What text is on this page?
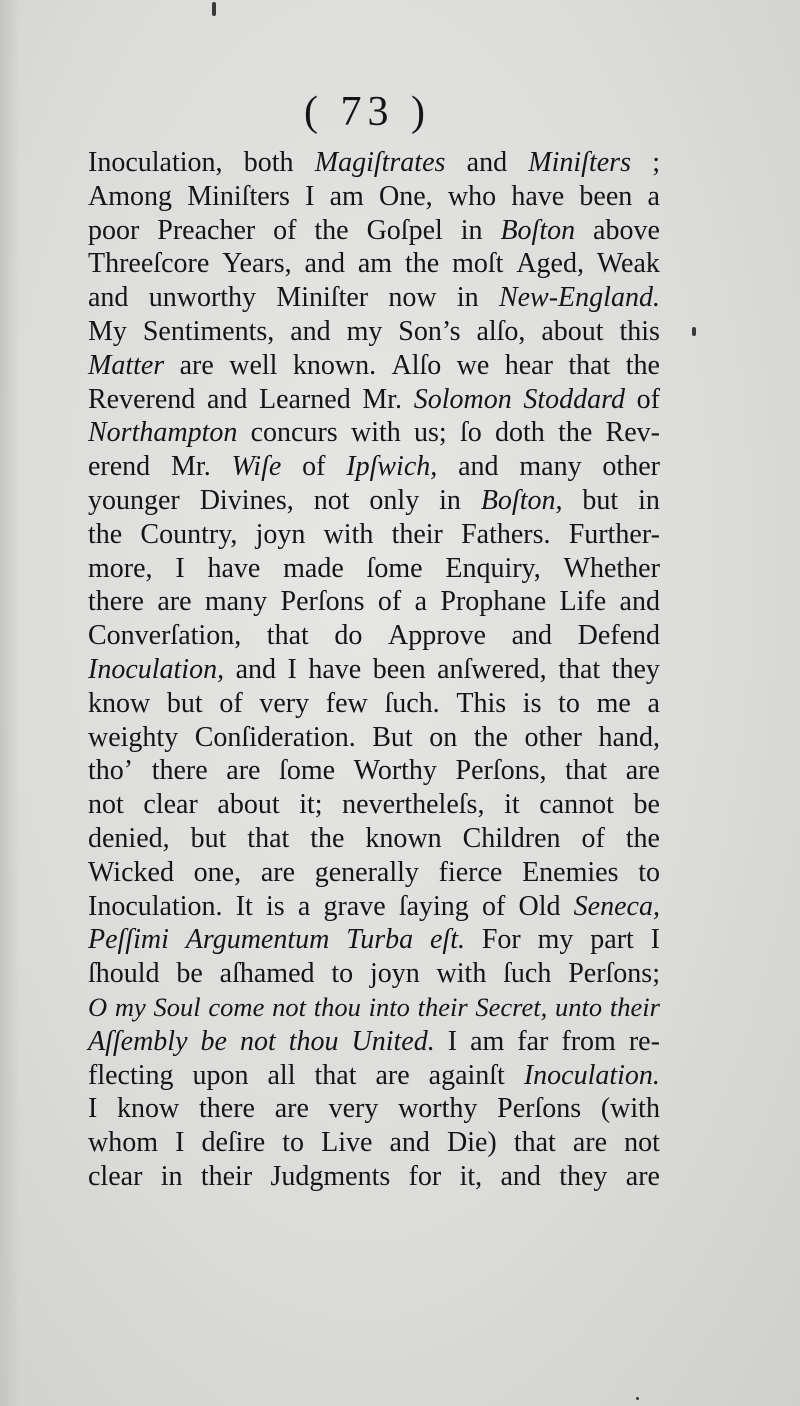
( 73 )
Inoculation, both Magiſtrates and Miniſters ;
Among Miniſters I am One, who have been a
poor Preacher of the Goſpel in Boſton above
Threeſcore Years, and am the moſt Aged, Weak
and unworthy Miniſter now in New-England.
My Sentiments, and my Son’s alſo, about this
Matter are well known. Alſo we hear that the
Reverend and Learned Mr. Solomon Stoddard of
Northampton concurs with us; ſo doth the Rev-
erend Mr. Wiſe of Ipſwich, and many other
younger Divines, not only in Boſton, but in
the Country, joyn with their Fathers. Further-
more, I have made ſome Enquiry, Whether
there are many Perſons of a Prophane Life and
Converſation, that do Approve and Defend
Inoculation, and I have been anſwered, that they
know but of very few ſuch. This is to me a
weighty Conſideration. But on the other hand,
tho’ there are ſome Worthy Perſons, that are
not clear about it; nevertheleſs, it cannot be
denied, but that the known Children of the
Wicked one, are generally fierce Enemies to
Inoculation. It is a grave ſaying of Old Seneca,
Peſſimi Argumentum Turba eſt. For my part I
ſhould be aſhamed to joyn with ſuch Perſons;
O my Soul come not thou into their Secret, unto their
Aſſembly be not thou United. I am far from re-
flecting upon all that are againſt Inoculation.
I know there are very worthy Perſons (with
whom I deſire to Live and Die) that are not
clear in their Judgments for it, and they are
